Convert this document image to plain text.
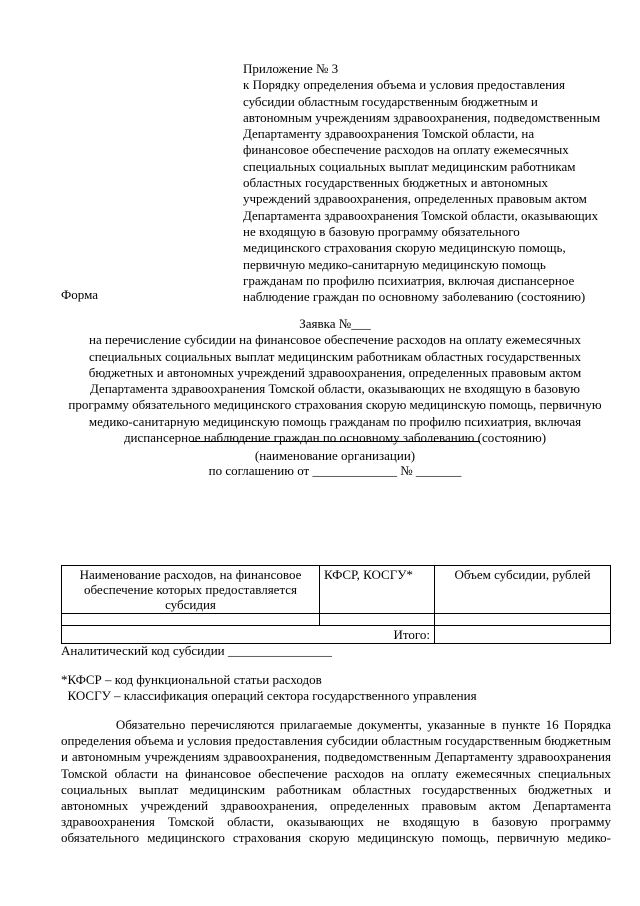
Приложение № 3
к Порядку определения объема и условия предоставления
субсидии областным государственным бюджетным и
автономным учреждениям здравоохранения, подведомственным
Департаменту здравоохранения Томской области, на
финансовое обеспечение расходов на оплату ежемесячных
специальных социальных выплат медицинским работникам
областных государственных бюджетных и автономных
учреждений здравоохранения, определенных правовым актом
Департамента здравоохранения Томской области, оказывающих
не входящую в базовую программу обязательного
медицинского страхования скорую медицинскую помощь,
первичную медико-санитарную медицинскую помощь
гражданам по профилю психиатрия, включая диспансерное
наблюдение граждан по основному заболеванию (состоянию)
Форма
Заявка №___
на перечисление субсидии на финансовое обеспечение расходов на оплату ежемесячных
специальных социальных выплат медицинским работникам областных государственных
бюджетных и автономных учреждений здравоохранения, определенных правовым актом
Департамента здравоохранения Томской области, оказывающих не входящую в базовую
программу обязательного медицинского страхования скорую медицинскую помощь, первичную
медико-санитарную медицинскую помощь гражданам по профилю психиатрия, включая
диспансерное наблюдение граждан по основному заболеванию (состоянию)
(наименование организации)
по соглашению от _____________ № _______
Наименование расходов, на финансовое обеспечение которых предоставляется субсидия	КФСР, КОСГУ*	Объем субсидии, рублей

Итого:		
Аналитический код субсидии ________________
*КФСР – код функциональной статьи расходов
КОСГУ – классификация операций сектора государственного управления
Обязательно перечисляются прилагаемые документы, указанные в пункте 16 Порядка
определения объема и условия предоставления субсидии областным государственным бюджетным
и автономным учреждениям здравоохранения, подведомственным Департаменту здравоохранения
Томской области на финансовое обеспечение расходов на оплату ежемесячных специальных
социальных выплат медицинским работникам областных государственных бюджетных и
автономных учреждений здравоохранения, определенных правовым актом Департамента
здравоохранения Томской области, оказывающих не входящую в базовую программу
обязательного медицинского страхования скорую медицинскую помощь, первичную медико-
